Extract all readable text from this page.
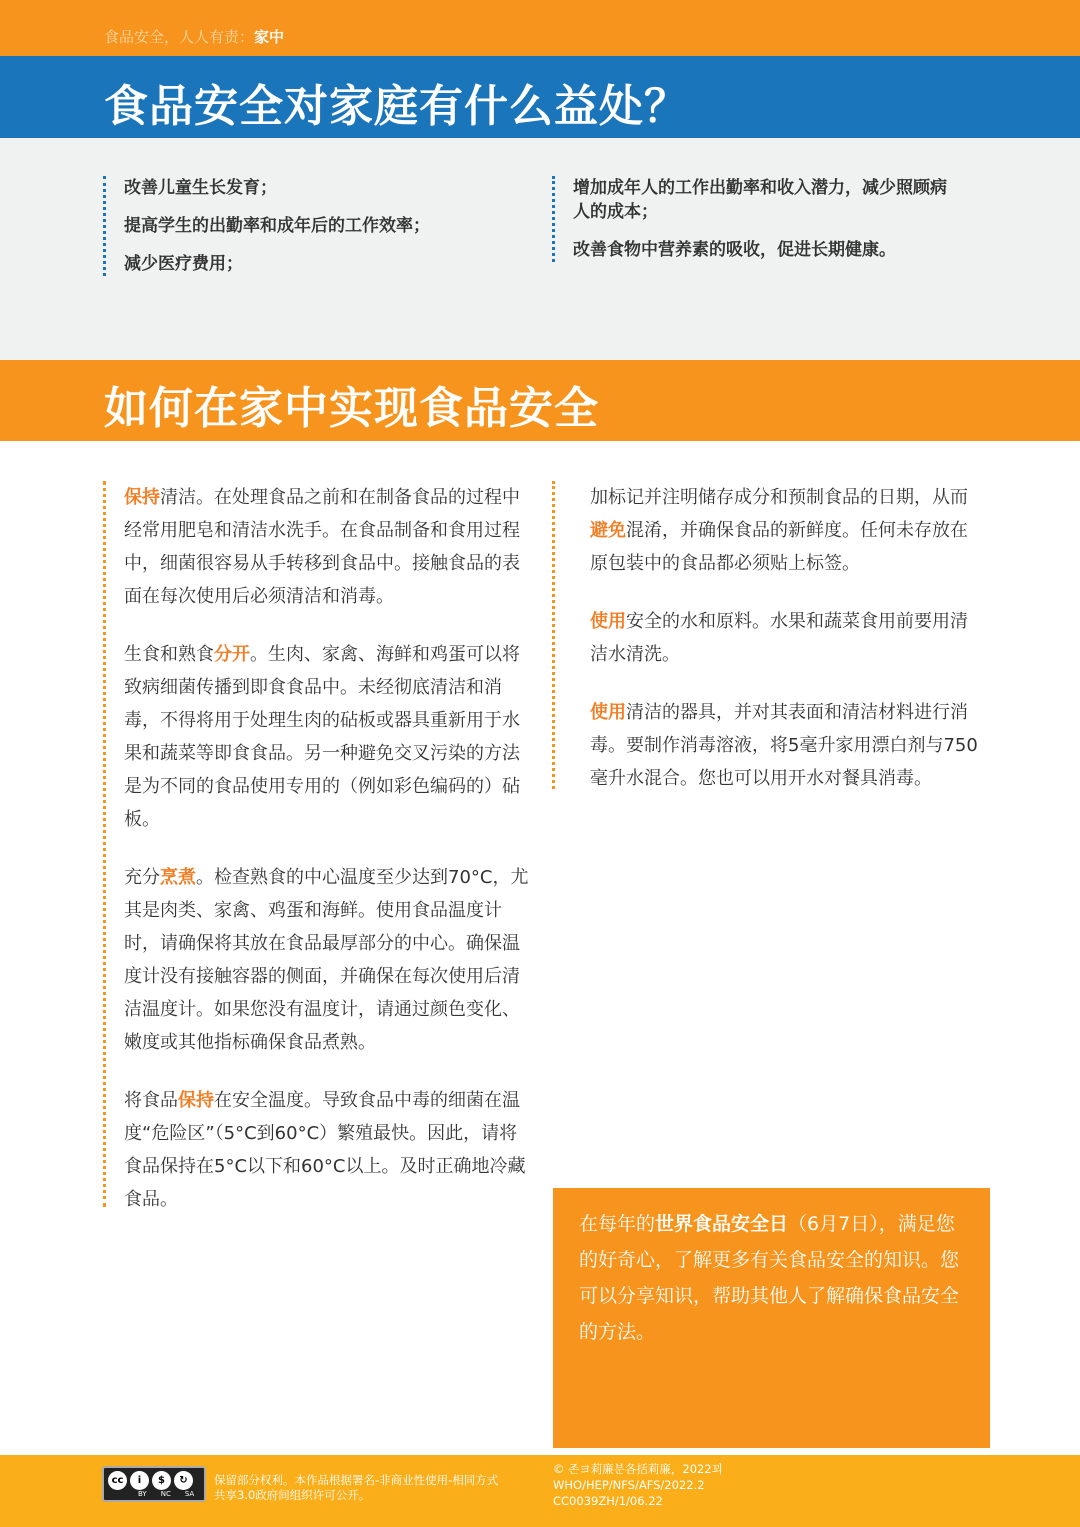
食品安全，人人有责：家中
食品安全对家庭有什么益处？
改善儿童生长发育；
提高学生的出勤率和成年后的工作效率；
减少医疗费用；
增加成年人的工作出勤率和收入潜力，减少照顾病人的成本；
改善食物中营养素的吸收，促进长期健康。
如何在家中实现食品安全

保持清洁。在处理食品之前和在制备食品的过程中经常用肥皂和清洁水洗手。在食品制备和食用过程中，细菌很容易从手转移到食品中。接触食品的表面在每次使用后必须清洁和消毒。

生食和熟食分开。生肉、家禽、海鲜和鸡蛋可以将致病细菌传播到即食食品中。未经彻底清洁和消毒，不得将用于处理生肉的砧板或器具重新用于水果和蔬菜等即食食品。另一种避免交叉污染的方法是为不同的食品使用专用的（例如彩色编码的）砧板。

充分烹煮。检查熟食的中心温度至少达到70°C，尤其是肉类、家禽、鸡蛋和海鲜。使用食品温度计时，请确保将其放在食品最厚部分的中心。确保温度计没有接触容器的侧面，并确保在每次使用后清洁温度计。如果您没有温度计，请通过颜色变化、嫩度或其他指标确保食品煮熟。

将食品保持在安全温度。导致食品中毒的细菌在温度“危险区”（5°C到60°C）繁殖最快。因此，请将食品保持在5°C以下和60°C以上。及时正确地冷藏食品。

加标记并注明储存成分和预制食品的日期，从而避免混淆，并确保食品的新鲜度。任何未存放在原包装中的食品都必须贴上标签。

使用安全的水和原料。水果和蔬菜食用前要用清洁水清洗。

使用清洁的器具，并对其表面和清洁材料进行消毒。要制作消毒溶液，将5毫升家用漂白剂与750毫升水混合。您也可以用开水对餐具消毒。

在每年的世界食品安全日（6月7日），满足您的好奇心，了解更多有关食品安全的知识。您可以分享知识，帮助其他人了解确保食品安全的方法。
cc	i	$	↻
BY NC SA
保留部分权利。本作品根据署名-非商业性使用-相同方式共享3.0政府间组织许可公开。
© 존ヨ莉廉분各括莉廉，2022꾀
WHO/HEP/NFS/AFS/2022.2
CC0039ZH/1/06.22
